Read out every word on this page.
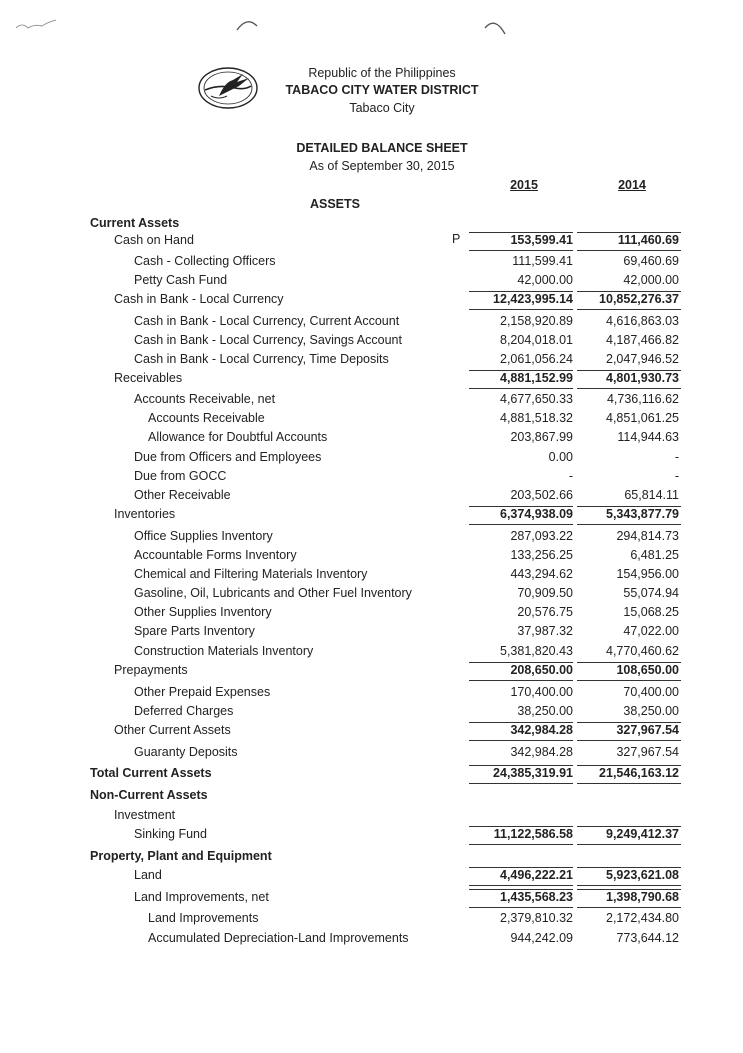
Republic of the Philippines
TABACO CITY WATER DISTRICT
Tabaco City
DETAILED BALANCE SHEET
As of September 30, 2015
2015	2014
ASSETS
Current Assets
Cash on Hand	153,599.41	111,460.69
Cash - Collecting Officers	111,599.41	69,460.69
Petty Cash Fund	42,000.00	42,000.00
Cash in Bank - Local Currency	12,423,995.14	10,852,276.37
Cash in Bank - Local Currency, Current Account	2,158,920.89	4,616,863.03
Cash in Bank - Local Currency, Savings Account	8,204,018.01	4,187,466.82
Cash in Bank - Local Currency, Time Deposits	2,061,056.24	2,047,946.52
Receivables	4,881,152.99	4,801,930.73
Accounts Receivable, net	4,677,650.33	4,736,116.62
Accounts Receivable	4,881,518.32	4,851,061.25
Allowance for Doubtful Accounts	203,867.99	114,944.63
Due from Officers and Employees	0.00	-
Due from GOCC	-	-
Other Receivable	203,502.66	65,814.11
Inventories	6,374,938.09	5,343,877.79
Office Supplies Inventory	287,093.22	294,814.73
Accountable Forms Inventory	133,256.25	6,481.25
Chemical and Filtering Materials Inventory	443,294.62	154,956.00
Gasoline, Oil, Lubricants and Other Fuel Inventory	70,909.50	55,074.94
Other Supplies Inventory	20,576.75	15,068.25
Spare Parts Inventory	37,987.32	47,022.00
Construction Materials Inventory	5,381,820.43	4,770,460.62
Prepayments	208,650.00	108,650.00
Other Prepaid Expenses	170,400.00	70,400.00
Deferred Charges	38,250.00	38,250.00
Other Current Assets	342,984.28	327,967.54
Guaranty Deposits	342,984.28	327,967.54
Total Current Assets	24,385,319.91	21,546,163.12
Non-Current Assets
Investment
Sinking Fund	11,122,586.58	9,249,412.37
Property, Plant and Equipment
Land	4,496,222.21	5,923,621.08
Land Improvements, net	1,435,568.23	1,398,790.68
Land Improvements	2,379,810.32	2,172,434.80
Accumulated Depreciation-Land Improvements	944,242.09	773,644.12
P
